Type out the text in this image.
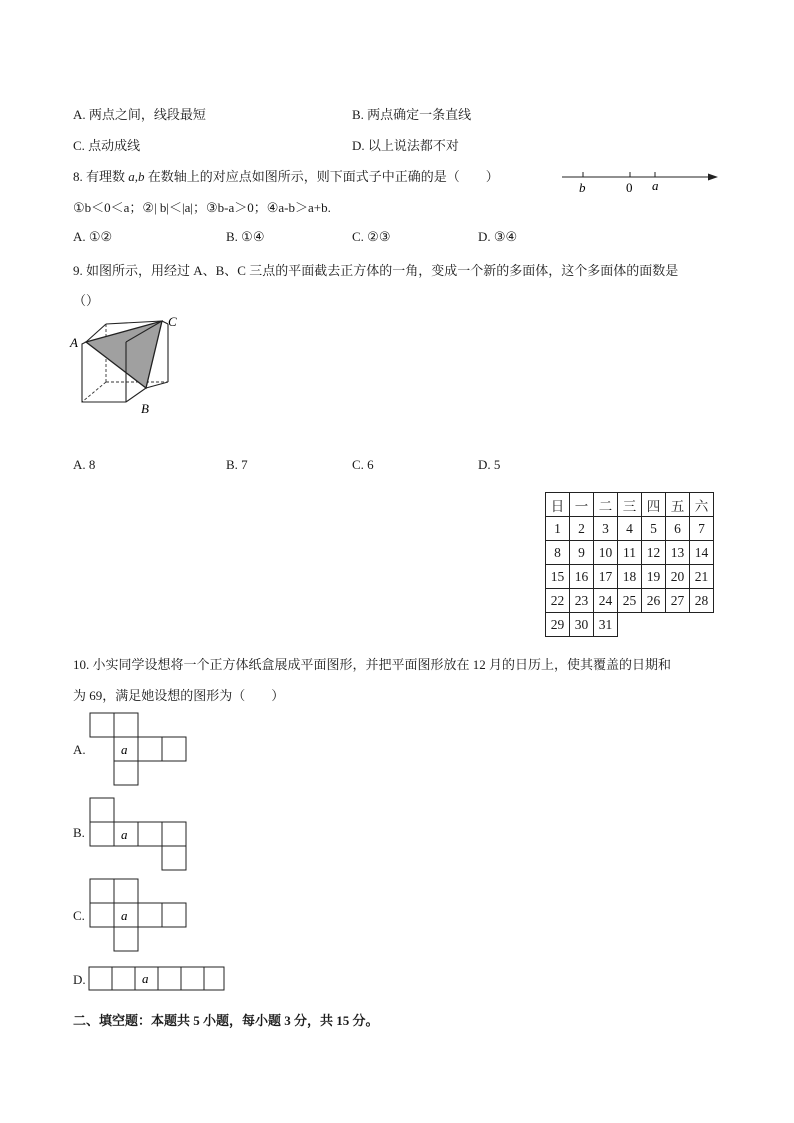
A. 两点之间，线段最短	B. 两点确定一条直线
C. 点动成线	D. 以上说法都不对
8. 有理数 a,b 在数轴上的对应点如图所示，则下面式子中正确的是（　　）
b	0 a
①b＜0＜a；②| b|＜|a|；③b-a＞0；④a-b＞a+b.
A. ①②	B. ①④	C. ②③	D. ③④
9. 如图所示，用经过 A、B、C 三点的平面截去正方体的一角，变成一个新的多面体，这个多面体的面数是
（）
A
B
C
A. 8	B. 7	C. 6	D. 5
日	一	二	三	四	五	六
1	2	3	4	5	6	7
8	9	10	11	12	13	14
15	16	17	18	19	20	21
22	23	24	25	26	27	28
29	30	31				
10. 小实同学设想将一个正方体纸盒展成平面图形，并把平面图形放在 12 月的日历上，使其覆盖的日期和
为 69，满足她设想的图形为（　　）
A.	a
B.	a
C.	a
D.	a
二、填空题：本题共 5 小题，每小题 3 分，共 15 分。
